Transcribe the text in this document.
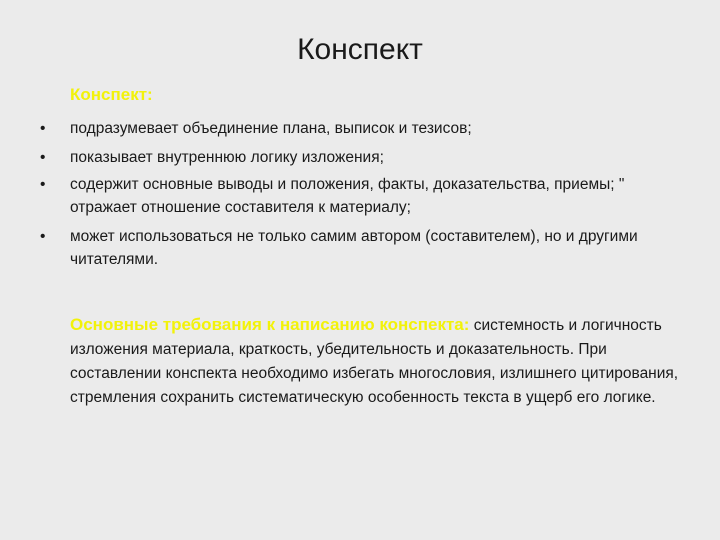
Конспект
Конспект:
•	подразумевает объединение плана, выписок и тезисов;
•	показывает внутреннюю логику изложения;
•	содержит основные выводы и положения, факты, доказательства, приемы; " отражает отношение составителя к материалу;
•	может использоваться не только самим автором (составителем), но и другими читателями.
Основные требования к написанию конспекта: системность и логичность изложения материала, краткость, убедительность и доказательность. При составлении конспекта необходимо избегать многословия, излишнего цитирования, стремления сохранить систематическую особенность текста в ущерб его логике.
